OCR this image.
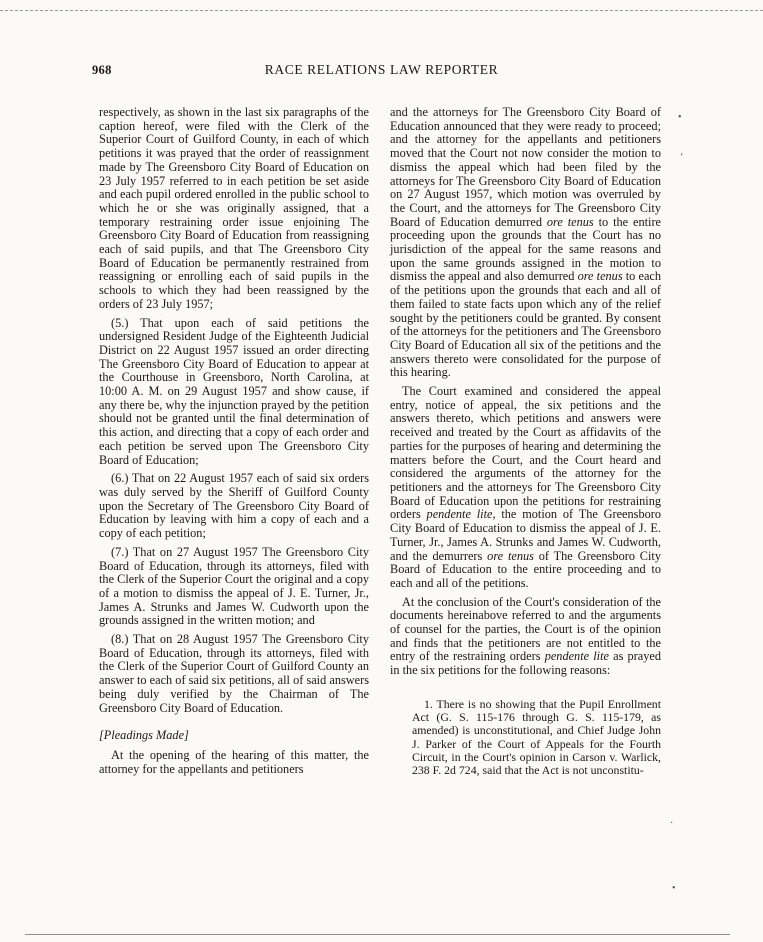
968	RACE RELATIONS LAW REPORTER

respectively, as shown in the last six paragraphs of the caption hereof, were filed with the Clerk of the Superior Court of Guilford County, in each of which petitions it was prayed that the order of reassignment made by The Greensboro City Board of Education on 23 July 1957 referred to in each petition be set aside and each pupil ordered enrolled in the public school to which he or she was originally assigned, that a temporary restraining order issue enjoining The Greensboro City Board of Education from reassigning each of said pupils, and that The Greensboro City Board of Education be permanently restrained from reassigning or enrolling each of said pupils in the schools to which they had been reassigned by the orders of 23 July 1957;

(5.) That upon each of said petitions the undersigned Resident Judge of the Eighteenth Judicial District on 22 August 1957 issued an order directing The Greensboro City Board of Education to appear at the Courthouse in Greensboro, North Carolina, at 10:00 A. M. on 29 August 1957 and show cause, if any there be, why the injunction prayed by the petition should not be granted until the final determination of this action, and directing that a copy of each order and each petition be served upon The Greensboro City Board of Education;

(6.) That on 22 August 1957 each of said six orders was duly served by the Sheriff of Guilford County upon the Secretary of The Greensboro City Board of Education by leaving with him a copy of each and a copy of each petition;

(7.) That on 27 August 1957 The Greensboro City Board of Education, through its attorneys, filed with the Clerk of the Superior Court the original and a copy of a motion to dismiss the appeal of J. E. Turner, Jr., James A. Strunks and James W. Cudworth upon the grounds assigned in the written motion; and

(8.) That on 28 August 1957 The Greensboro City Board of Education, through its attorneys, filed with the Clerk of the Superior Court of Guilford County an answer to each of said six petitions, all of said answers being duly verified by the Chairman of The Greensboro City Board of Education.

[Pleadings Made]

At the opening of the hearing of this matter, the attorney for the appellants and petitioners

and the attorneys for The Greensboro City Board of Education announced that they were ready to proceed; and the attorney for the appellants and petitioners moved that the Court not now consider the motion to dismiss the appeal which had been filed by the attorneys for The Greensboro City Board of Education on 27 August 1957, which motion was overruled by the Court, and the attorneys for The Greensboro City Board of Education demurred ore tenus to the entire proceeding upon the grounds that the Court has no jurisdiction of the appeal for the same reasons and upon the same grounds assigned in the motion to dismiss the appeal and also demurred ore tenus to each of the petitions upon the grounds that each and all of them failed to state facts upon which any of the relief sought by the petitioners could be granted. By consent of the attorneys for the petitioners and The Greensboro City Board of Education all six of the petitions and the answers thereto were consolidated for the purpose of this hearing.

The Court examined and considered the appeal entry, notice of appeal, the six petitions and the answers thereto, which petitions and answers were received and treated by the Court as affidavits of the parties for the purposes of hearing and determining the matters before the Court, and the Court heard and considered the arguments of the attorney for the petitioners and the attorneys for The Greensboro City Board of Education upon the petitions for restraining orders pendente lite, the motion of The Greensboro City Board of Education to dismiss the appeal of J. E. Turner, Jr., James A. Strunks and James W. Cudworth, and the demurrers ore tenus of The Greensboro City Board of Education to the entire proceeding and to each and all of the petitions.

At the conclusion of the Court's consideration of the documents hereinabove referred to and the arguments of counsel for the parties, the Court is of the opinion and finds that the petitioners are not entitled to the entry of the restraining orders pendente lite as prayed in the six petitions for the following reasons:

1. There is no showing that the Pupil Enrollment Act (G. S. 115-176 through G. S. 115-179, as amended) is unconstitutional, and Chief Judge John J. Parker of the Court of Appeals for the Fourth Circuit, in the Court's opinion in Carson v. Warlick, 238 F. 2d 724, said that the Act is not unconstitu-

•
‘
·
•
